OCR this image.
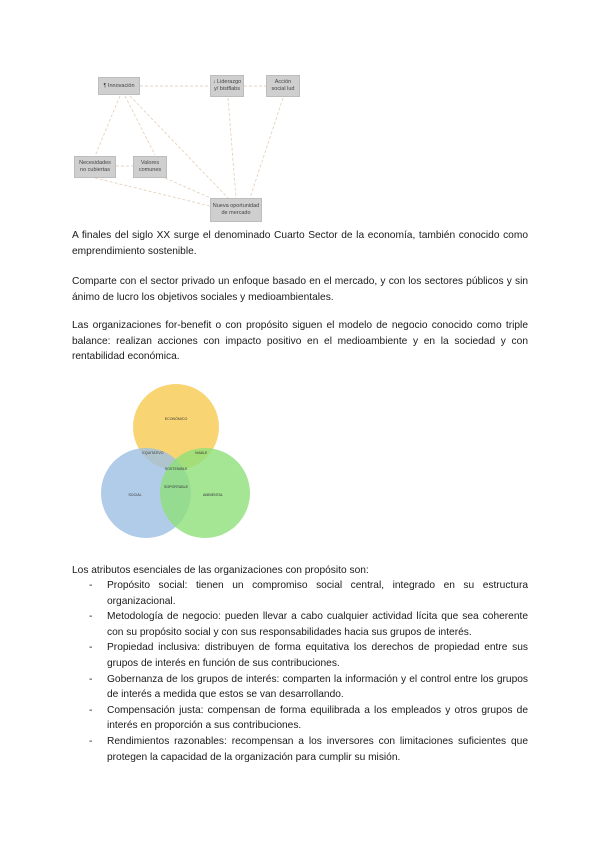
¶ Innovación
↓ Liderazgo y/ bistflabs
Acción social lud
Necesidades no cubiertas
Valores comunes
Nueva oportunidad de mercado

A finales del siglo XX surge el denominado Cuarto Sector de la economía, también conocido como emprendimiento sostenible.

Comparte con el sector privado un enfoque basado en el mercado, y con los sectores públicos y sin ánimo de lucro los objetivos sociales y medioambientales.

Las organizaciones for-benefit o con propósito siguen el modelo de negocio conocido como triple balance: realizan acciones con impacto positivo en el medioambiente y en la sociedad y con rentabilidad económica.

ECONÓMICO
SOCIAL	AMBIENTAL
EQUITATIVO	VIABLE
SOSTENIBLE
SOPORTABLE

Los atributos esenciales de las organizaciones con propósito son:

- Propósito social: tienen un compromiso social central, integrado en su estructura organizacional.
- Metodología de negocio: pueden llevar a cabo cualquier actividad lícita que sea coherente con su propósito social y con sus responsabilidades hacia sus grupos de interés.
- Propiedad inclusiva: distribuyen de forma equitativa los derechos de propiedad entre sus grupos de interés en función de sus contribuciones.
- Gobernanza de los grupos de interés: comparten la información y el control entre los grupos de interés a medida que estos se van desarrollando.
- Compensación justa: compensan de forma equilibrada a los empleados y otros grupos de interés en proporción a sus contribuciones.
- Rendimientos razonables: recompensan a los inversores con limitaciones suficientes que protegen la capacidad de la organización para cumplir su misión.
